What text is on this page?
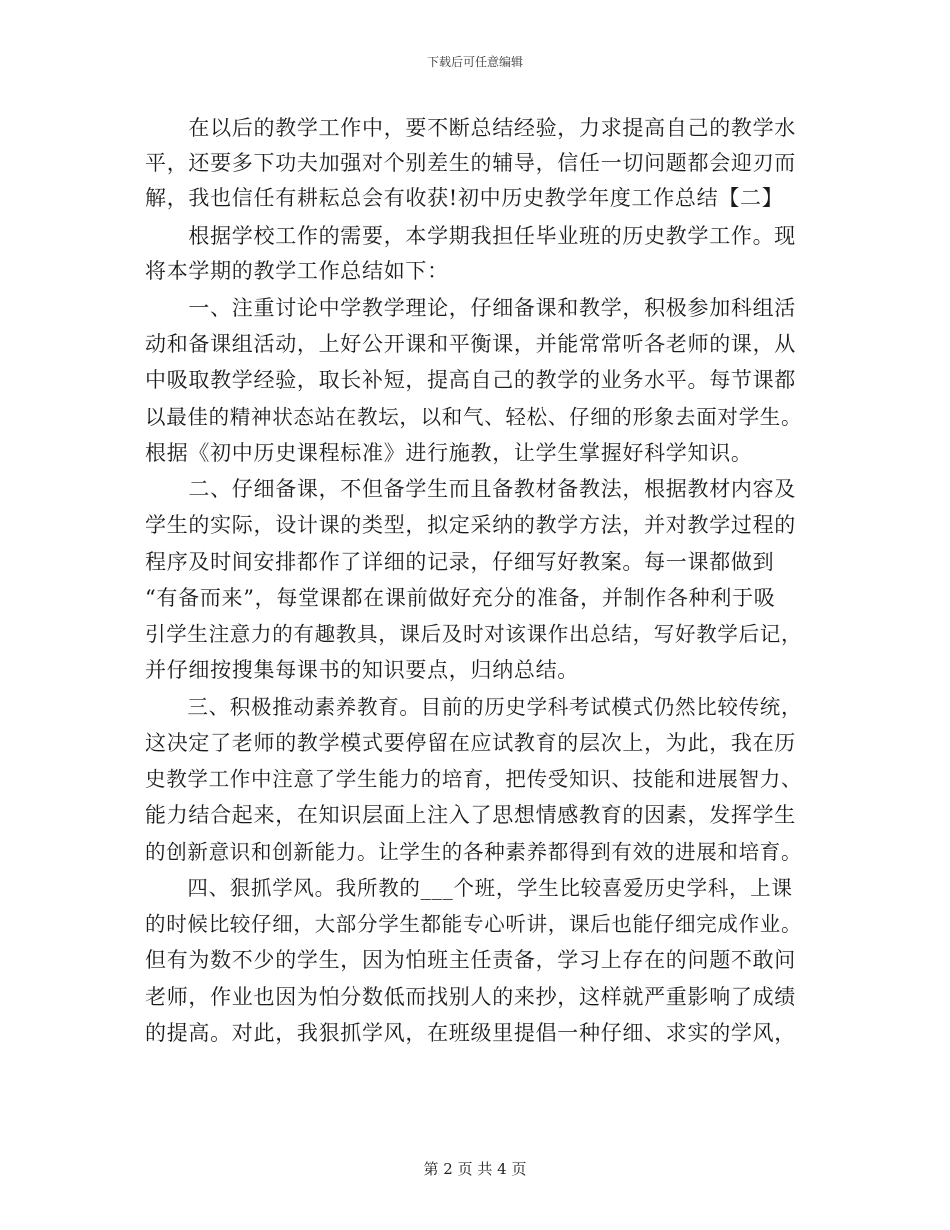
下载后可任意编辑
　　在以后的教学工作中，要不断总结经验，力求提高自己的教学水
平，还要多下功夫加强对个别差生的辅导，信任一切问题都会迎刃而
解，我也信任有耕耘总会有收获!初中历史教学年度工作总结【二】
　　根据学校工作的需要，本学期我担任毕业班的历史教学工作。现
将本学期的教学工作总结如下：
　　一、注重讨论中学教学理论，仔细备课和教学，积极参加科组活
动和备课组活动，上好公开课和平衡课，并能常常听各老师的课，从
中吸取教学经验，取长补短，提高自己的教学的业务水平。每节课都
以最佳的精神状态站在教坛，以和气、轻松、仔细的形象去面对学生。
根据《初中历史课程标准》进行施教，让学生掌握好科学知识。
　　二、仔细备课，不但备学生而且备教材备教法，根据教材内容及
学生的实际，设计课的类型，拟定采纳的教学方法，并对教学过程的
程序及时间安排都作了详细的记录，仔细写好教案。每一课都做到
“有备而来”，每堂课都在课前做好充分的准备，并制作各种利于吸
引学生注意力的有趣教具，课后及时对该课作出总结，写好教学后记，
并仔细按搜集每课书的知识要点，归纳总结。
　　三、积极推动素养教育。目前的历史学科考试模式仍然比较传统，
这决定了老师的教学模式要停留在应试教育的层次上，为此，我在历
史教学工作中注意了学生能力的培育，把传受知识、技能和进展智力、
能力结合起来，在知识层面上注入了思想情感教育的因素，发挥学生
的创新意识和创新能力。让学生的各种素养都得到有效的进展和培育。
　　四、狠抓学风。我所教的___个班，学生比较喜爱历史学科，上课
的时候比较仔细，大部分学生都能专心听讲，课后也能仔细完成作业。
但有为数不少的学生，因为怕班主任责备，学习上存在的问题不敢问
老师，作业也因为怕分数低而找别人的来抄，这样就严重影响了成绩
的提高。对此，我狠抓学风，在班级里提倡一种仔细、求实的学风，
第 2 页 共 4 页
